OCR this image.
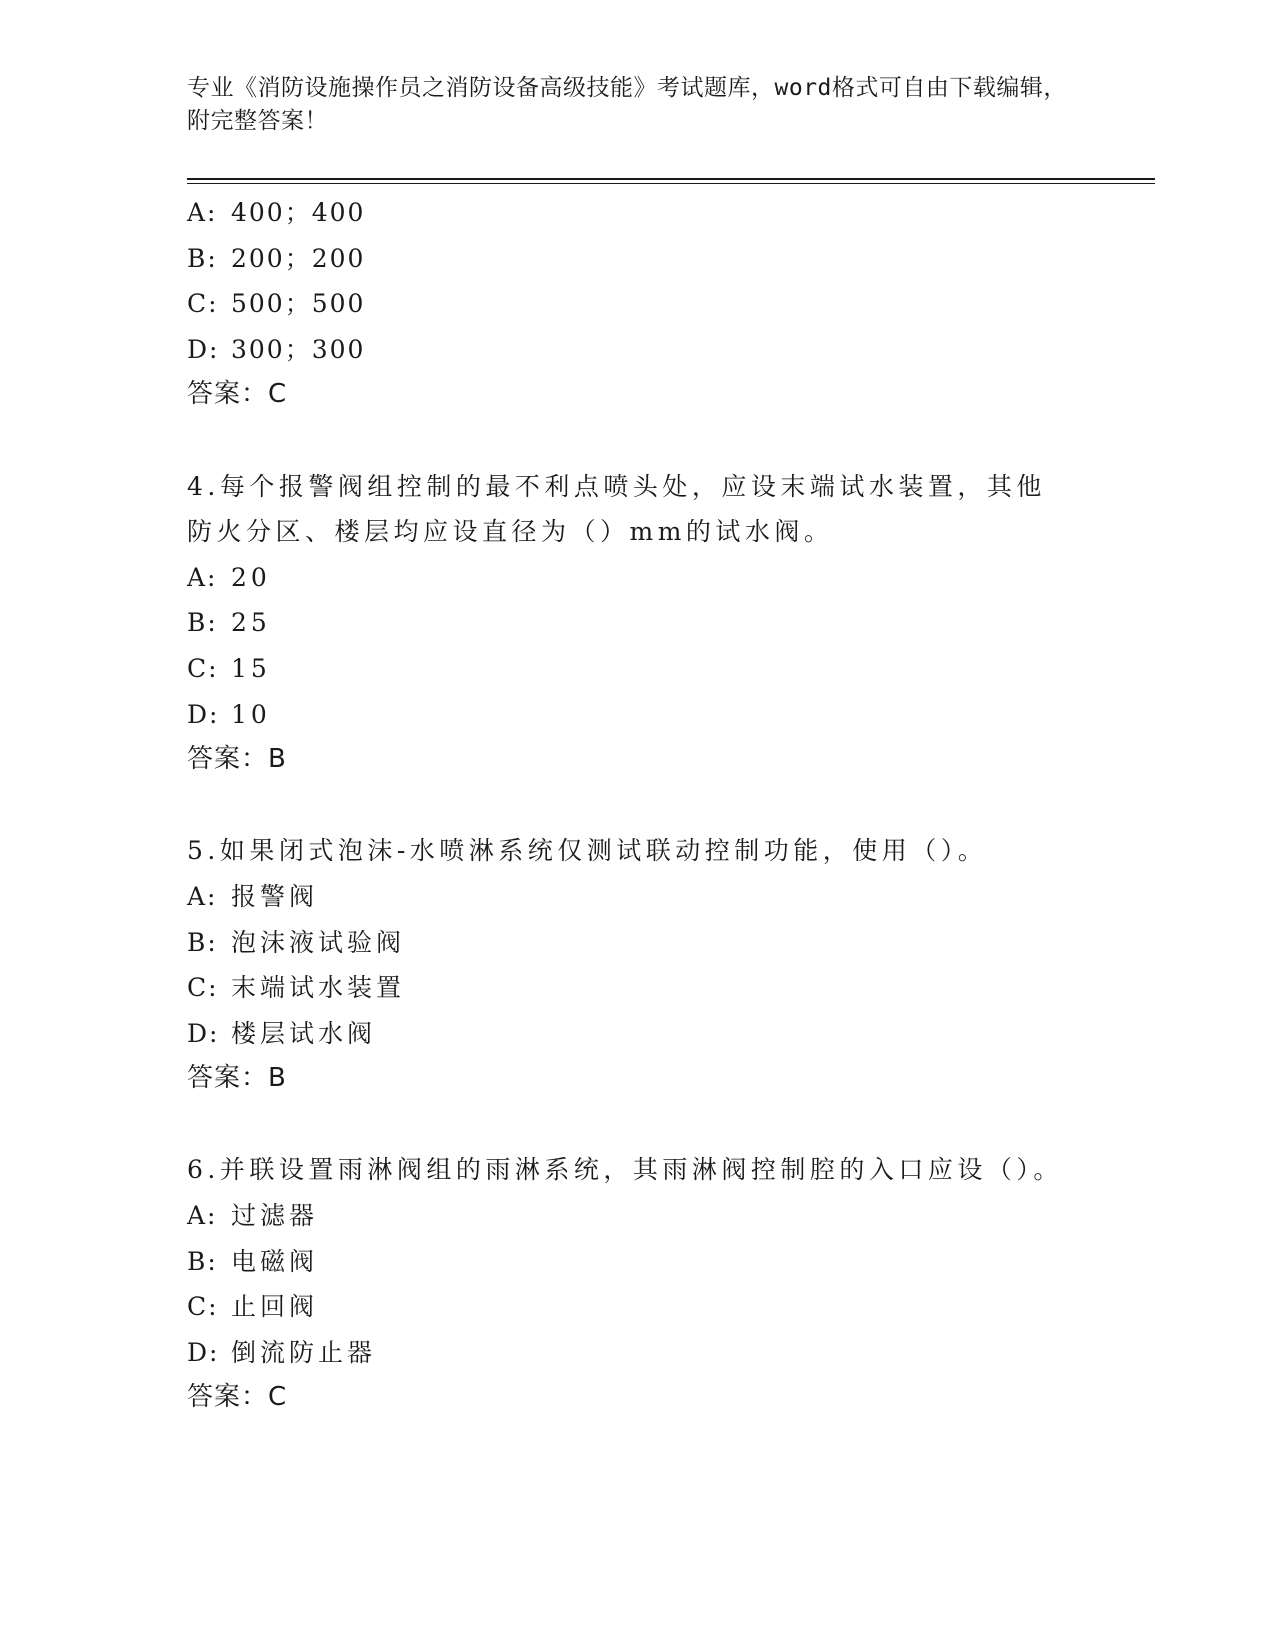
专业《消防设施操作员之消防设备高级技能》考试题库，word格式可自由下载编辑，附完整答案！
A: 400；400
B: 200；200
C: 500；500
D: 300；300
答案：C
4.每个报警阀组控制的最不利点喷头处，应设末端试水装置，其他防火分区、楼层均应设直径为（）mm的试水阀。
A: 20
B: 25
C: 15
D: 10
答案：B
5.如果闭式泡沫-水喷淋系统仅测试联动控制功能，使用（）。
A: 报警阀
B: 泡沫液试验阀
C: 末端试水装置
D: 楼层试水阀
答案：B
6.并联设置雨淋阀组的雨淋系统，其雨淋阀控制腔的入口应设（）。
A: 过滤器
B: 电磁阀
C: 止回阀
D: 倒流防止器
答案：C
